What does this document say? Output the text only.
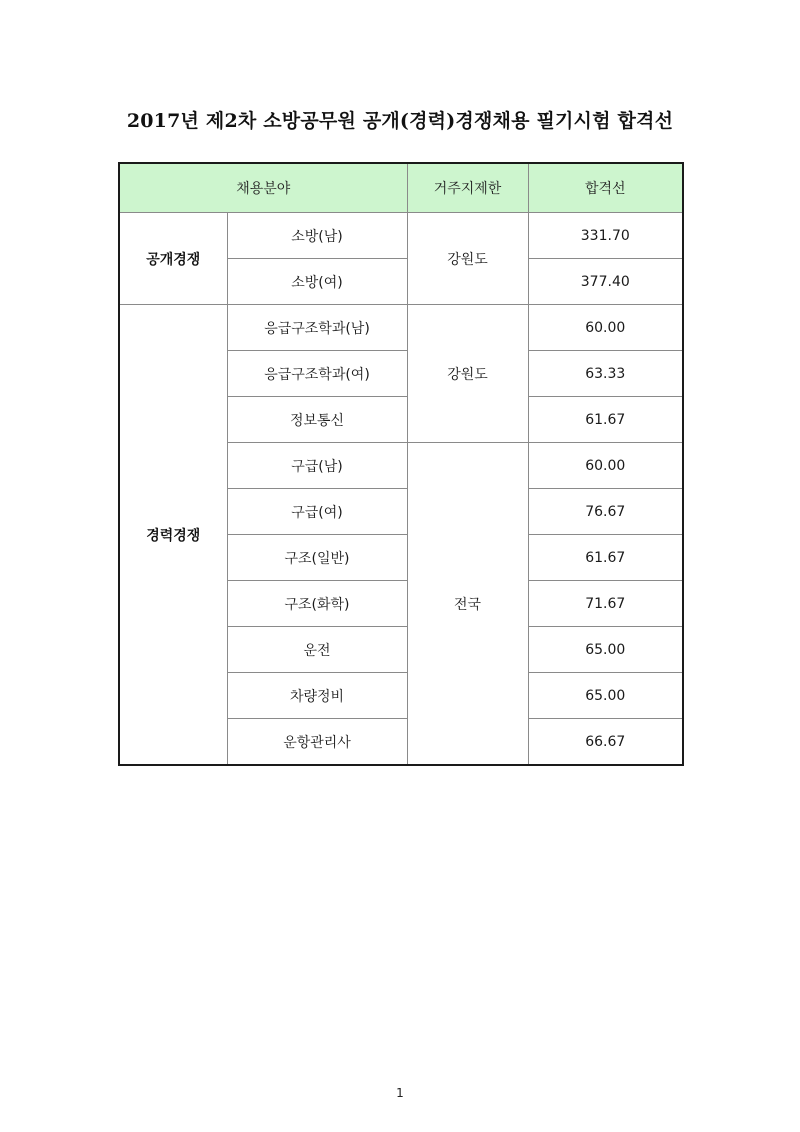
2017년 제2차 소방공무원 공개(경력)경쟁채용 필기시험 합격선
채용분야		거주지제한	합격선
공개경쟁	소방(남)	강원도	331.70
	소방(여)		377.40
경력경쟁	응급구조학과(남)	강원도	60.00
	응급구조학과(여)		63.33
	정보통신		61.67
	구급(남)	전국	60.00
	구급(여)		76.67
	구조(일반)		61.67
	구조(화학)		71.67
	운전		65.00
	차량정비		65.00
	운항관리사		66.67
1
